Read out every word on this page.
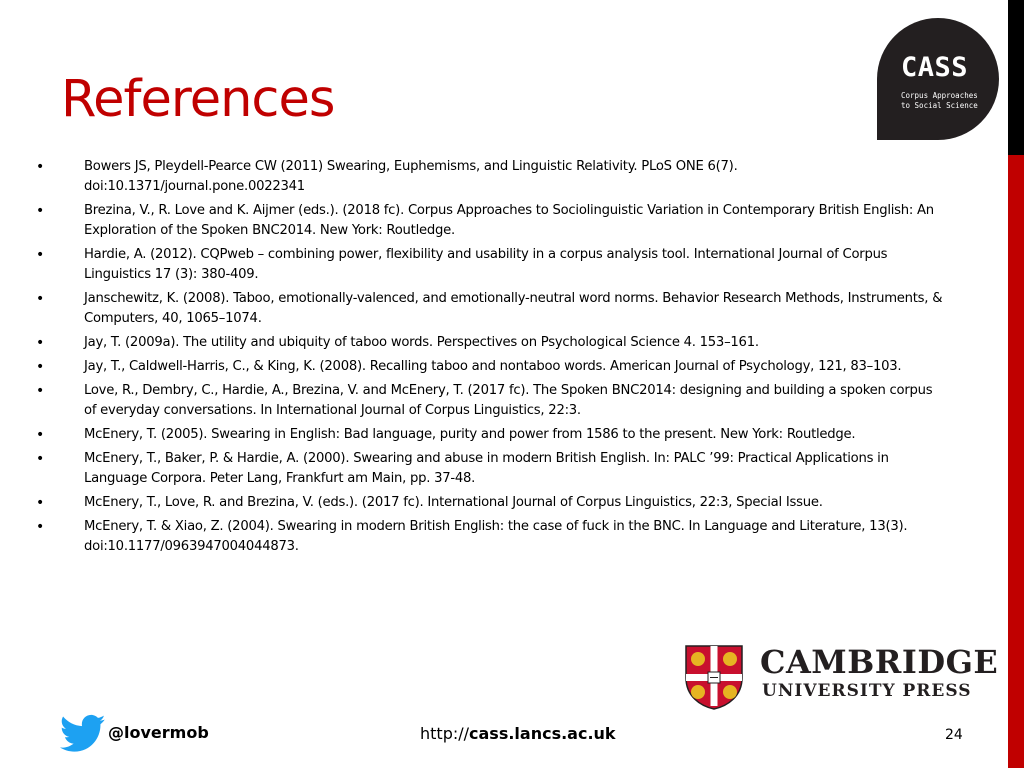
CASS
Corpus Approaches
to Social Science
References
•	Bowers JS, Pleydell-Pearce CW (2011) Swearing, Euphemisms, and Linguistic Relativity. PLoS ONE 6(7). doi:10.1371/journal.pone.0022341
•	Brezina, V., R. Love and K. Aijmer (eds.). (2018 fc). Corpus Approaches to Sociolinguistic Variation in Contemporary British English: An Exploration of the Spoken BNC2014. New York: Routledge.
•	Hardie, A. (2012). CQPweb – combining power, flexibility and usability in a corpus analysis tool. International Journal of Corpus Linguistics 17 (3): 380-409.
•	Janschewitz, K. (2008). Taboo, emotionally-valenced, and emotionally-neutral word norms. Behavior Research Methods, Instruments, & Computers, 40, 1065–1074.
•	Jay, T. (2009a). The utility and ubiquity of taboo words. Perspectives on Psychological Science 4. 153–161.
•	Jay, T., Caldwell-Harris, C., & King, K. (2008). Recalling taboo and nontaboo words. American Journal of Psychology, 121, 83–103.
•	Love, R., Dembry, C., Hardie, A., Brezina, V. and McEnery, T. (2017 fc). The Spoken BNC2014: designing and building a spoken corpus of everyday conversations. In International Journal of Corpus Linguistics, 22:3.
•	McEnery, T. (2005). Swearing in English: Bad language, purity and power from 1586 to the present. New York: Routledge.
•	McEnery, T., Baker, P. & Hardie, A. (2000). Swearing and abuse in modern British English. In: PALC ’99: Practical Applications in Language Corpora. Peter Lang, Frankfurt am Main, pp. 37-48.
•	McEnery, T., Love, R. and Brezina, V. (eds.). (2017 fc). International Journal of Corpus Linguistics, 22:3, Special Issue.
•	McEnery, T. & Xiao, Z. (2004). Swearing in modern British English: the case of fuck in the BNC. In Language and Literature, 13(3). doi:10.1177/0963947004044873.
CAMBRIDGE
UNIVERSITY PRESS
@lovermob	http://cass.lancs.ac.uk	24
